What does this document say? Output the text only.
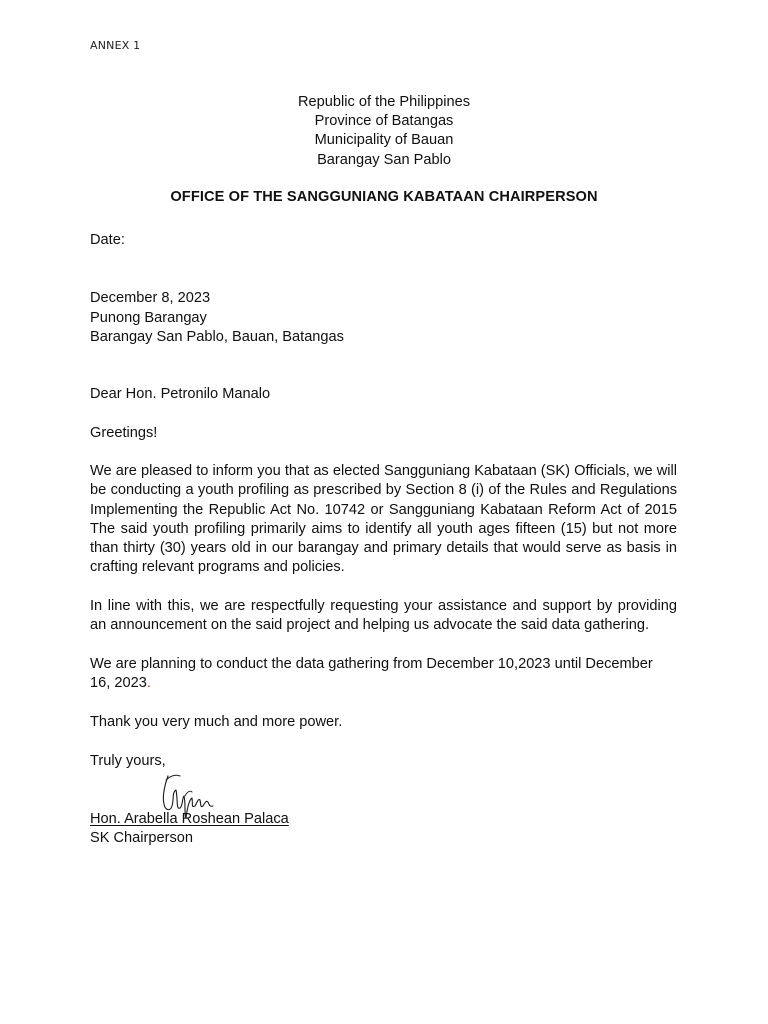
ANNEX 1
Republic of the Philippines
Province of Batangas
Municipality of Bauan
Barangay San Pablo
OFFICE OF THE SANGGUNIANG KABATAAN CHAIRPERSON
Date:
December 8, 2023
Punong Barangay
Barangay San Pablo, Bauan, Batangas
Dear Hon. Petronilo Manalo
Greetings!
We are pleased to inform you that as elected Sangguniang Kabataan (SK) Officials, we will be conducting a youth profiling as prescribed by Section 8 (i) of the Rules and Regulations Implementing the Republic Act No. 10742 or Sangguniang Kabataan Reform Act of 2015 The said youth profiling primarily aims to identify all youth ages fifteen (15) but not more than thirty (30) years old in our barangay and primary details that would serve as basis in crafting relevant programs and policies.
In line with this, we are respectfully requesting your assistance and support by providing an announcement on the said project and helping us advocate the said data gathering.
We are planning to conduct the data gathering from December 10,2023 until December 16, 2023.
Thank you very much and more power.
Truly yours,
Hon. Arabella Roshean Palaca
SK Chairperson
